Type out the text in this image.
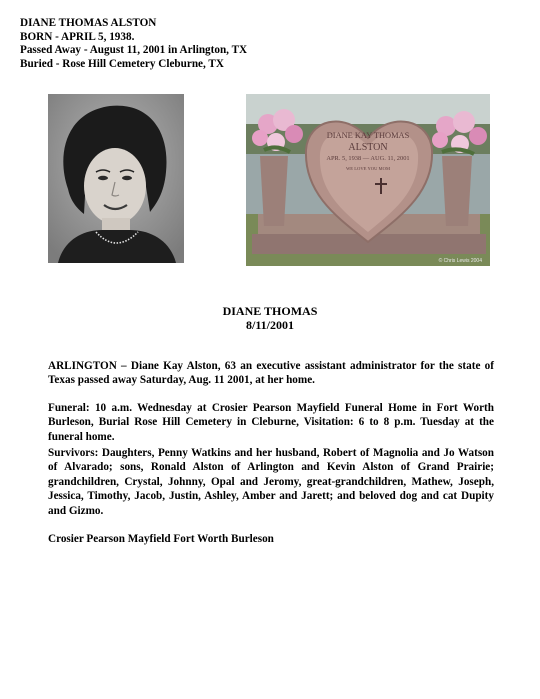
DIANE THOMAS ALSTON
BORN - APRIL 5, 1938.
Passed Away - August 11, 2001 in Arlington, TX
Buried - Rose Hill Cemetery Cleburne, TX
DIANE KAY THOMAS
ALSTON
APR. 5, 1938 — AUG. 11, 2001
WE LOVE YOU MOM
© Chris Lewis 2004
DIANE THOMAS
8/11/2001

ARLINGTON – Diane Kay Alston, 63 an executive assistant administrator for the state of Texas passed away Saturday, Aug. 11 2001, at her home.

Funeral: 10 a.m. Wednesday at Crosier Pearson Mayfield Funeral Home in Fort Worth Burleson, Burial Rose Hill Cemetery in Cleburne, Visitation: 6 to 8 p.m. Tuesday at the funeral home.

Survivors: Daughters, Penny Watkins and her husband, Robert of Magnolia and Jo Watson of Alvarado; sons, Ronald Alston of Arlington and Kevin Alston of Grand Prairie; grandchildren, Crystal, Johnny, Opal and Jeromy, great-grandchildren, Mathew, Joseph, Jessica, Timothy, Jacob, Justin, Ashley, Amber and Jarett; and beloved dog and cat Dupity and Gizmo.

Crosier Pearson Mayfield Fort Worth Burleson
